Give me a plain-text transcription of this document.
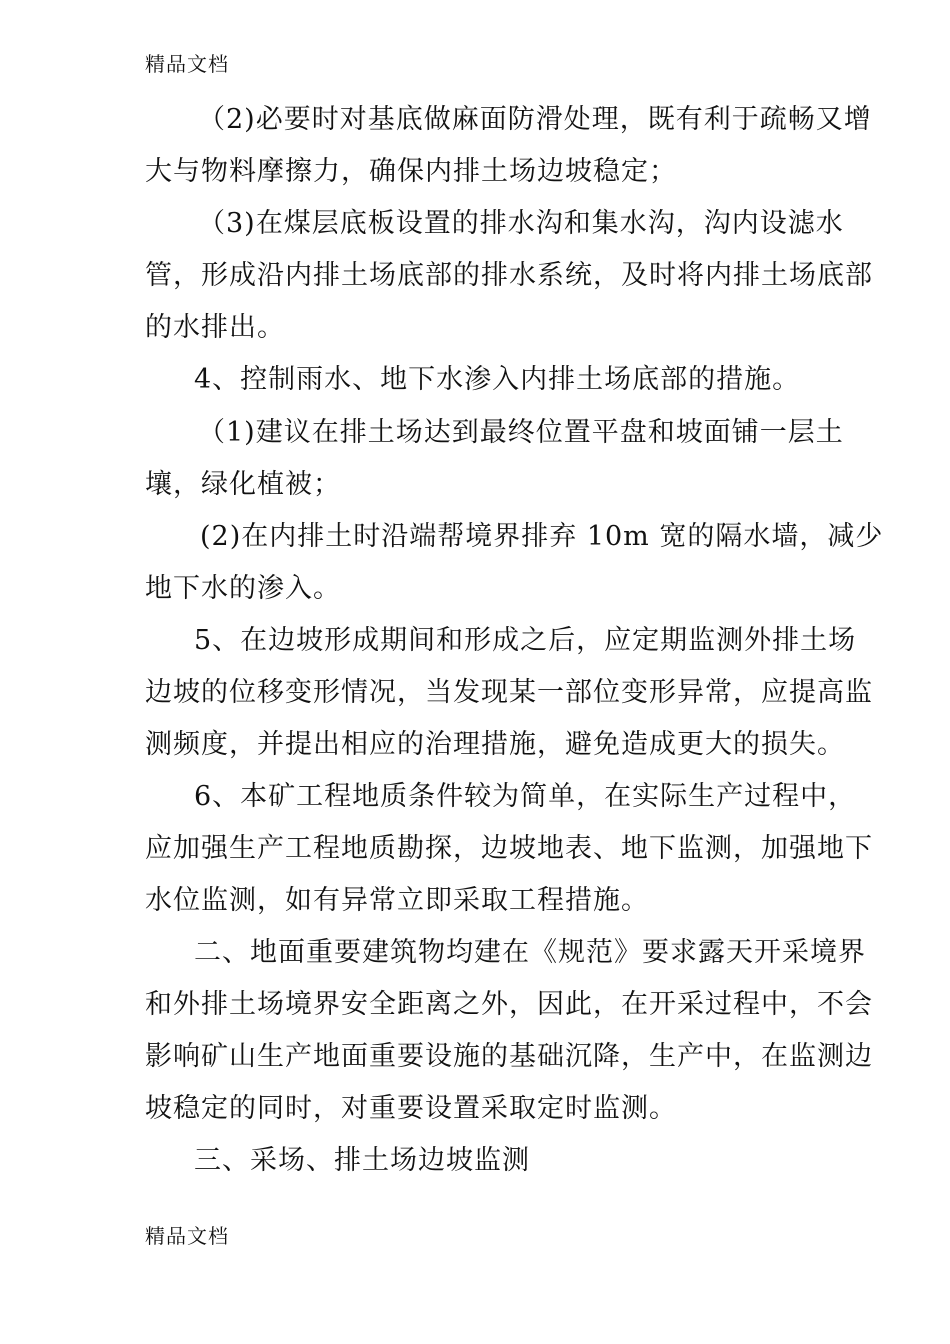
精品文档
（2)必要时对基底做麻面防滑处理，既有利于疏畅又增
大与物料摩擦力，确保内排土场边坡稳定；
（3)在煤层底板设置的排水沟和集水沟，沟内设滤水
管，形成沿内排土场底部的排水系统，及时将内排土场底部
的水排出。
4、控制雨水、地下水渗入内排土场底部的措施。
（1)建议在排土场达到最终位置平盘和坡面铺一层土
壤，绿化植被；
(2)在内排土时沿端帮境界排弃 10m 宽的隔水墙，减少
地下水的渗入。
5、在边坡形成期间和形成之后，应定期监测外排土场
边坡的位移变形情况，当发现某一部位变形异常，应提高监
测频度，并提出相应的治理措施，避免造成更大的损失。
6、本矿工程地质条件较为简单，在实际生产过程中，
应加强生产工程地质勘探，边坡地表、地下监测，加强地下
水位监测，如有异常立即采取工程措施。
二、地面重要建筑物均建在《规范》要求露天开采境界
和外排土场境界安全距离之外，因此，在开采过程中，不会
影响矿山生产地面重要设施的基础沉降，生产中，在监测边
坡稳定的同时，对重要设置采取定时监测。
三、采场、排土场边坡监测
精品文档
